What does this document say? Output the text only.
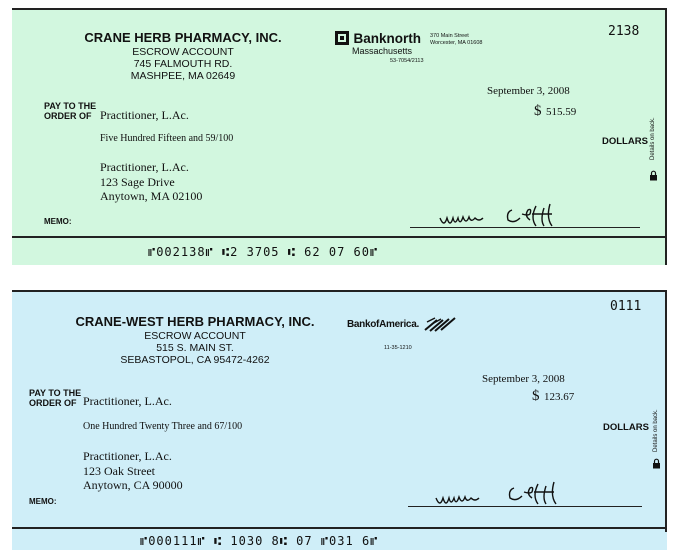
CRANE HERB PHARMACY, INC.
ESCROW ACCOUNT
745 FALMOUTH RD.
MASHPEE, MA 02649
Banknorth
Massachusetts
370 Main Street
Worcester, MA 01608
53-7054/2113
2138
September 3, 2008
PAY TO THE
ORDER OF Practitioner, L.Ac.	$ 515.59
Five Hundred Fifteen and 59/100	DOLLARS Details on back.
Practitioner, L.Ac.
123 Sage Drive
Anytown, MA 02100
MEMO:
⑈002138⑈ ⑆2 3705 ⑆ 62 07 60⑈
CRANE-WEST HERB PHARMACY, INC.
ESCROW ACCOUNT
515 S. MAIN ST.
SEBASTOPOL, CA 95472-4262
BankofAmerica.
11-35-1210
0111
September 3, 2008
PAY TO THE
ORDER OF Practitioner, L.Ac.	$ 123.67
One Hundred Twenty Three and 67/100	DOLLARS Details on back.
Practitioner, L.Ac.
123 Oak Street
Anytown, CA 90000
MEMO:
⑈000111⑈ ⑆ 1030 8⑆ 07 ⑈031 6⑈
